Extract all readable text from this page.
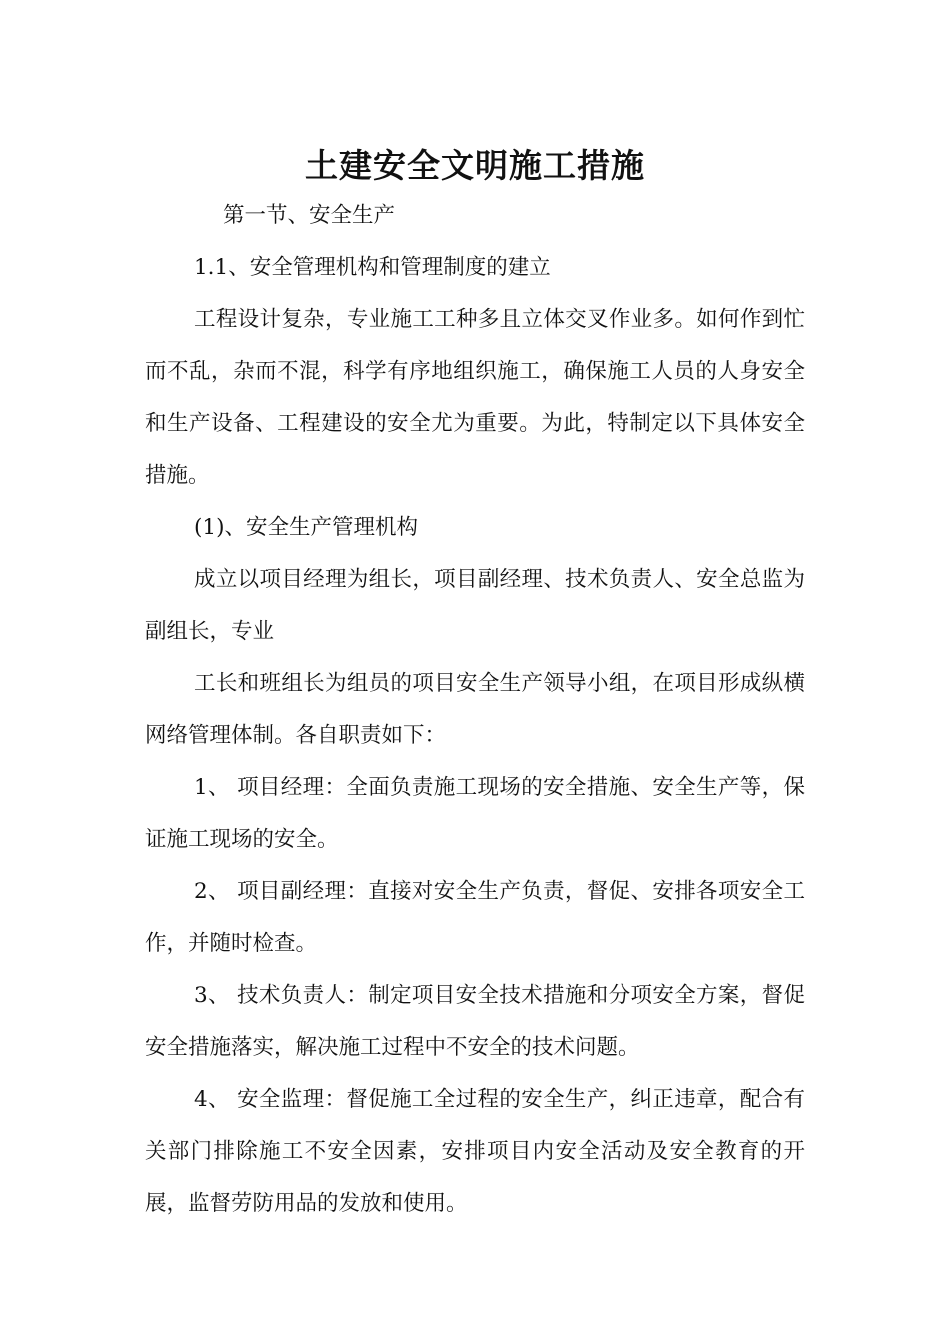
土建安全文明施工措施

第一节、安全生产

1.1、安全管理机构和管理制度的建立

工程设计复杂，专业施工工种多且立体交叉作业多。如何作到忙而不乱，杂而不混，科学有序地组织施工，确保施工人员的人身安全和生产设备、工程建设的安全尤为重要。为此，特制定以下具体安全措施。

(1)、安全生产管理机构

成立以项目经理为组长，项目副经理、技术负责人、安全总监为副组长，专业

工长和班组长为组员的项目安全生产领导小组，在项目形成纵横网络管理体制。各自职责如下：

1、 项目经理：全面负责施工现场的安全措施、安全生产等，保证施工现场的安全。

2、 项目副经理：直接对安全生产负责，督促、安排各项安全工作，并随时检查。

3、 技术负责人：制定项目安全技术措施和分项安全方案，督促安全措施落实，解决施工过程中不安全的技术问题。

4、 安全监理：督促施工全过程的安全生产，纠正违章，配合有关部门排除施工不安全因素，安排项目内安全活动及安全教育的开展，监督劳防用品的发放和使用。
